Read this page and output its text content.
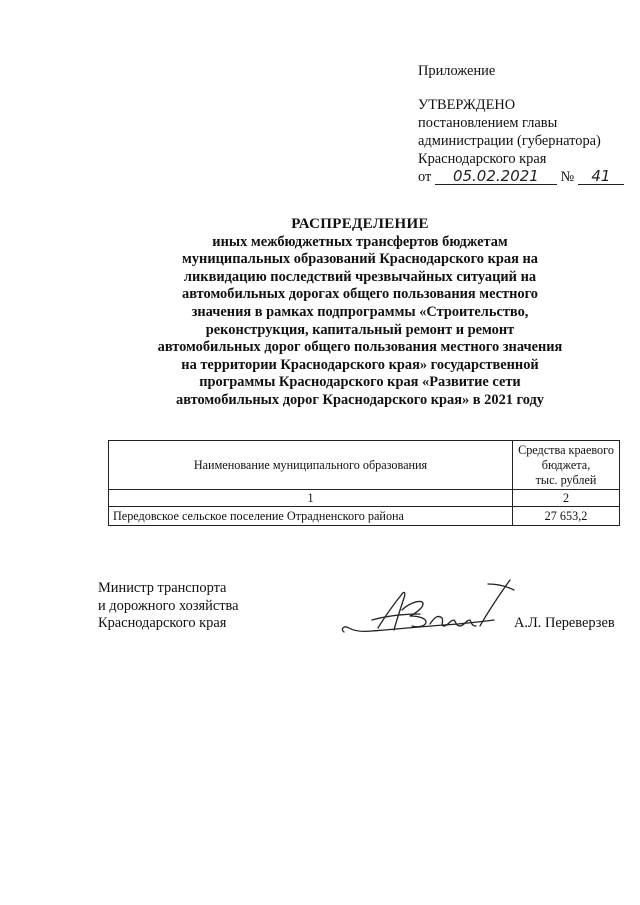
Приложение
УТВЕРЖДЕНО
постановлением главы
администрации (губернатора)
Краснодарского края
от 05.02.2021 № 41
РАСПРЕДЕЛЕНИЕ
иных межбюджетных трансфертов бюджетам
муниципальных образований Краснодарского края на
ликвидацию последствий чрезвычайных ситуаций на
автомобильных дорогах общего пользования местного
значения в рамках подпрограммы «Строительство,
реконструкция, капитальный ремонт и ремонт
автомобильных дорог общего пользования местного значения
на территории Краснодарского края» государственной
программы Краснодарского края «Развитие сети
автомобильных дорог Краснодарского края» в 2021 году
Наименование муниципального образования	Средства краевого
бюджета,
тыс. рублей

1	2
Передовское сельское поселение Отрадненского района	27 653,2
Министр транспорта
и дорожного хозяйства
Краснодарского края	А.Л. Переверзев
